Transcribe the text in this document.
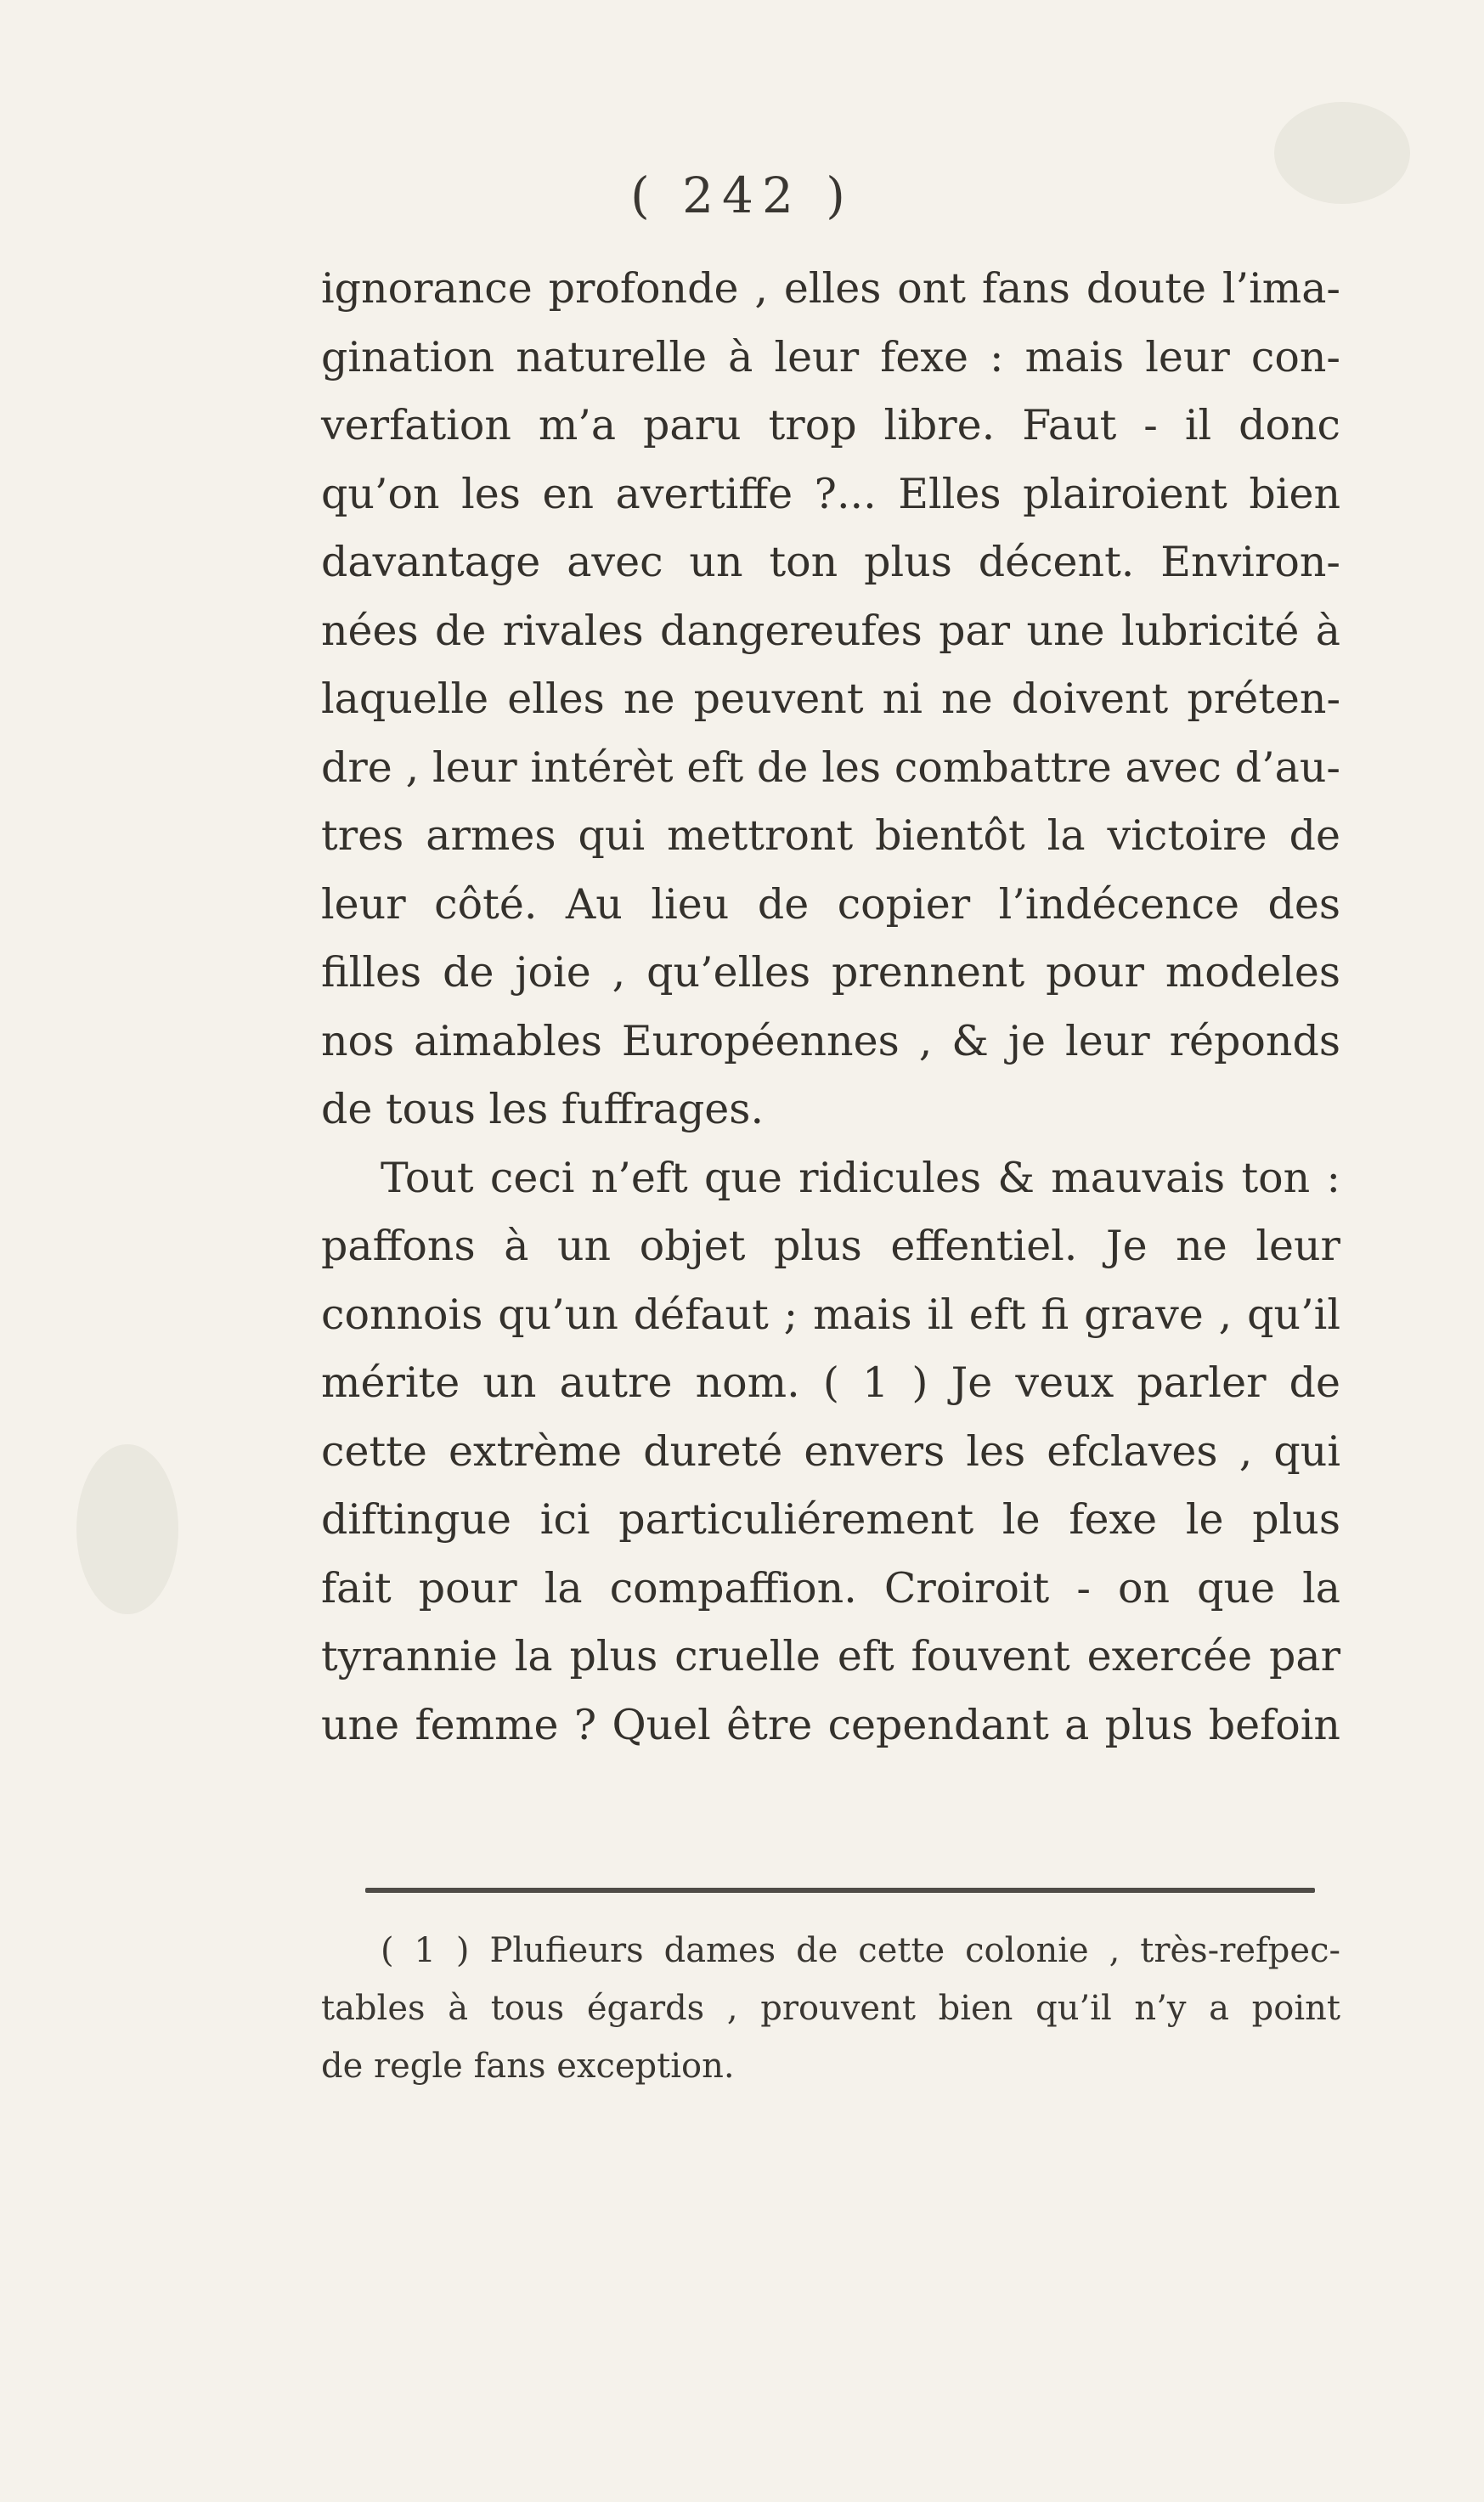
( 242 )
ignorance profonde , elles ont fans doute l’ima-
gination naturelle à leur fexe : mais leur con-
verfation m’a paru trop libre. Faut - il donc
qu’on les en avertiffe ?... Elles plairoient bien
davantage avec un ton plus décent. Environ-
nées de rivales dangereufes par une lubricité à
laquelle elles ne peuvent ni ne doivent préten-
dre , leur intérèt eft de les combattre avec d’au-
tres armes qui mettront bientôt la victoire de
leur côté. Au lieu de copier l’indécence des
filles de joie , qu’elles prennent pour modeles
nos aimables Européennes , & je leur réponds
de tous les fuffrages.
Tout ceci n’eft que ridicules & mauvais ton :
paffons à un objet plus effentiel. Je ne leur
connois qu’un défaut ; mais il eft fi grave , qu’il
mérite un autre nom. ( 1 ) Je veux parler de
cette extrème dureté envers les efclaves , qui
diftingue ici particuliérement le fexe le plus
fait pour la compaffion. Croiroit - on que la
tyrannie la plus cruelle eft fouvent exercée par
une femme ? Quel être cependant a plus befoin
( 1 ) Plufieurs dames de cette colonie , très-refpec-
tables à tous égards , prouvent bien qu’il n’y a point
de regle fans exception.
